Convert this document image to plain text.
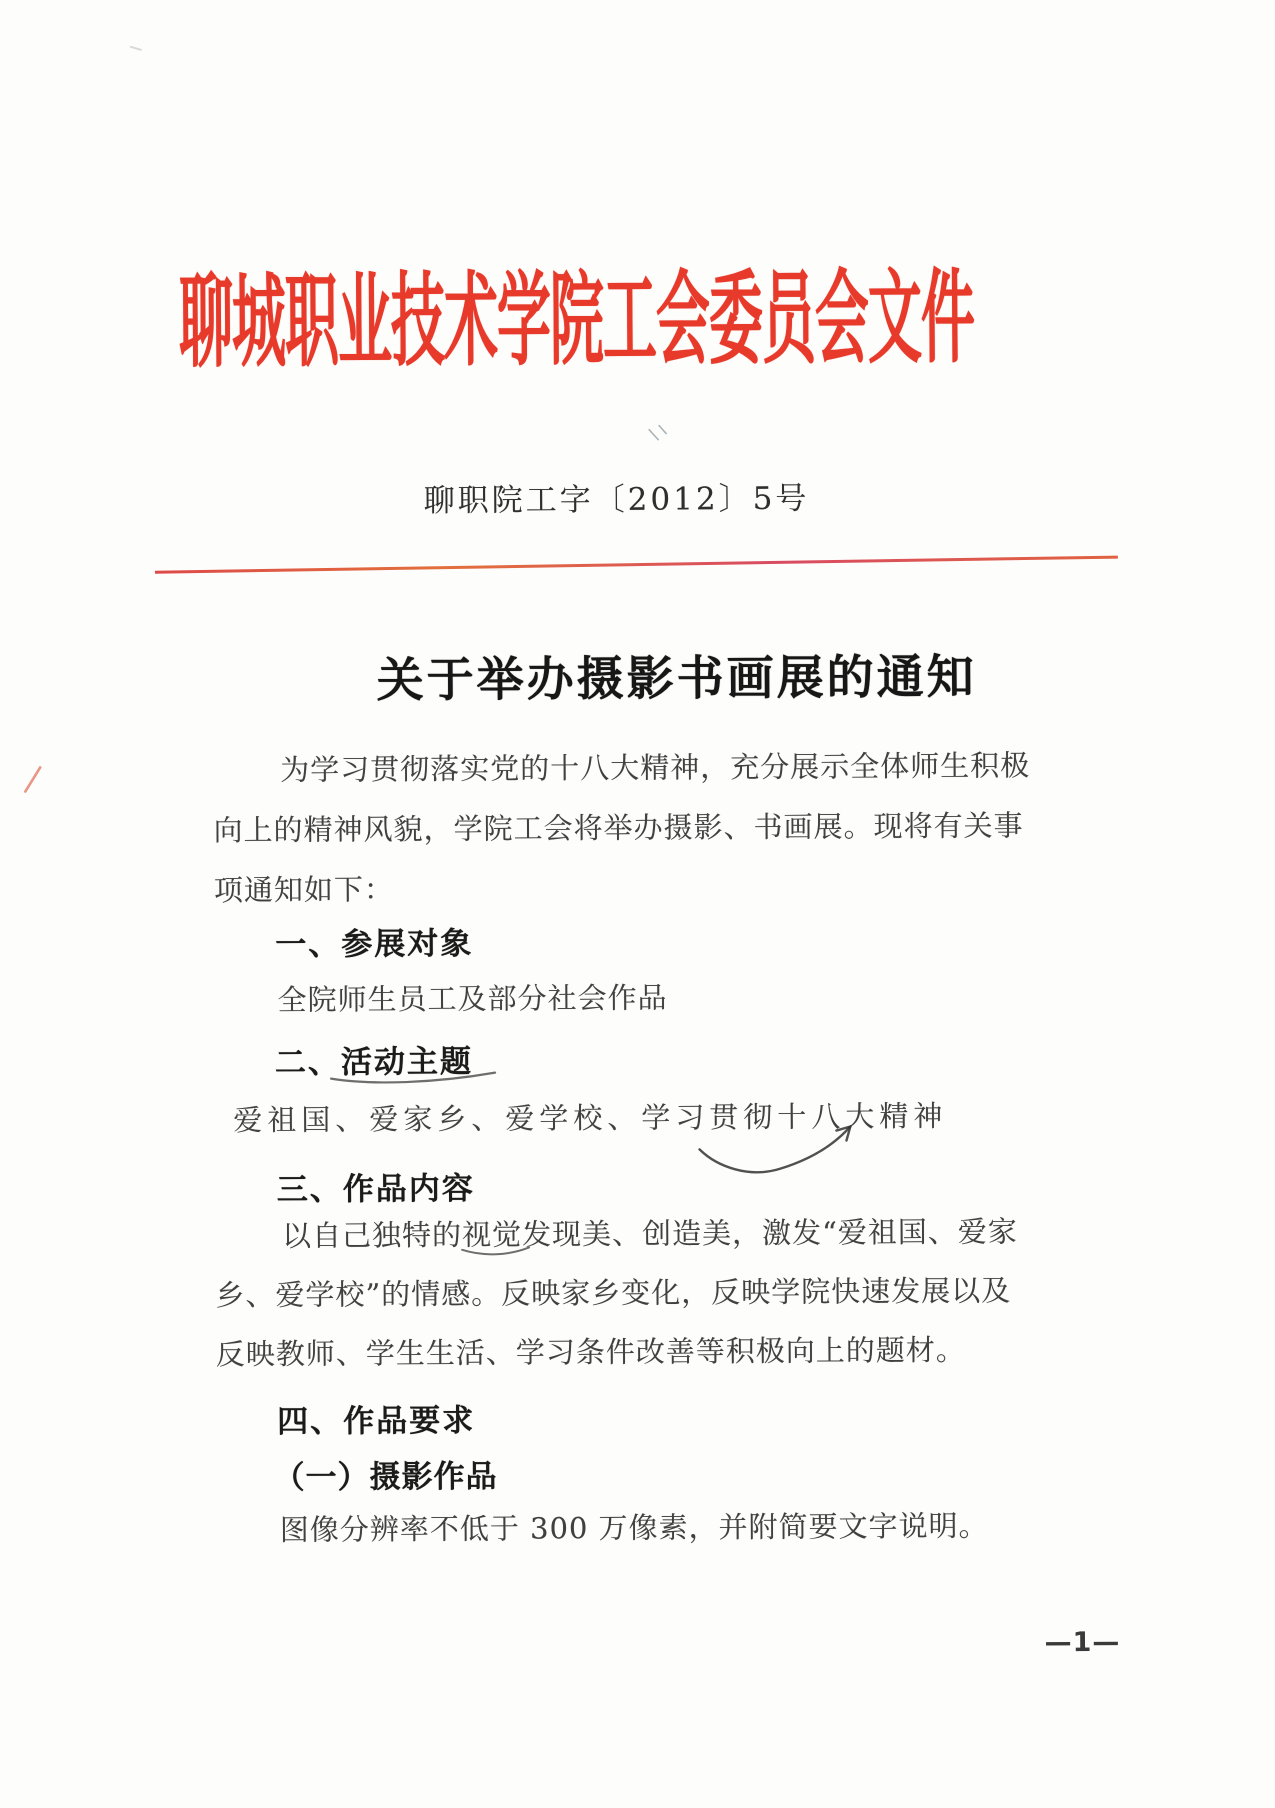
聊城职业技术学院工会委员会文件
聊职院工字〔2012〕5号
关于举办摄影书画展的通知
为学习贯彻落实党的十八大精神，充分展示全体师生积极
向上的精神风貌，学院工会将举办摄影、书画展。现将有关事
项通知如下：
一、参展对象
全院师生员工及部分社会作品
二、活动主题
爱祖国、爱家乡、爱学校、学习贯彻十八大精神
三、作品内容
以自己独特的视觉发现美、创造美，激发“爱祖国、爱家
乡、爱学校”的情感。反映家乡变化，反映学院快速发展以及
反映教师、学生生活、学习条件改善等积极向上的题材。
四、作品要求
（一）摄影作品
图像分辨率不低于 300 万像素，并附简要文字说明。
—1—
